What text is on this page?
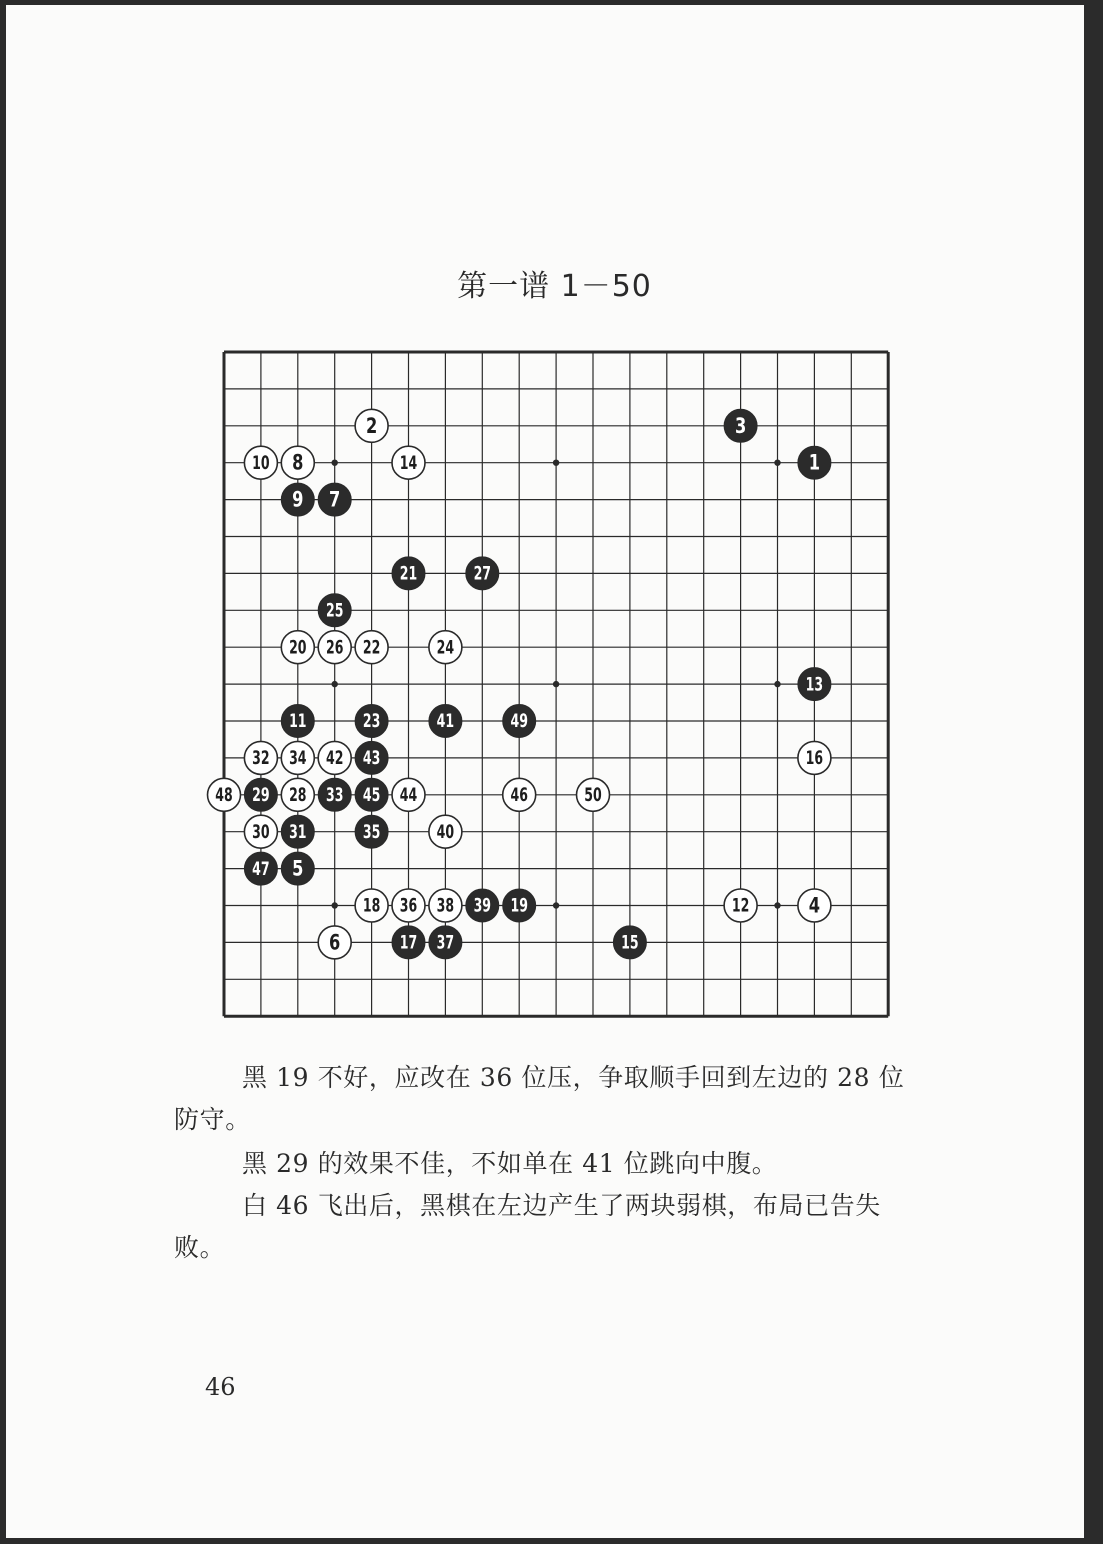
第一谱 1－50
1
2	3
4
5
6
7
8
9
10
11
12
13
14
15
16
17
18	19
20
21
22
23
24
25
26
27
28
29
30 31
32
33
34
35
36
37
38 39
40
41
42 43
44
45	46
47
48
49
50

黑 19 不好，应改在 36 位压，争取顺手回到左边的 28 位防守。

黑 29 的效果不佳，不如单在 41 位跳向中腹。

白 46 飞出后，黑棋在左边产生了两块弱棋，布局已告失败。

46
